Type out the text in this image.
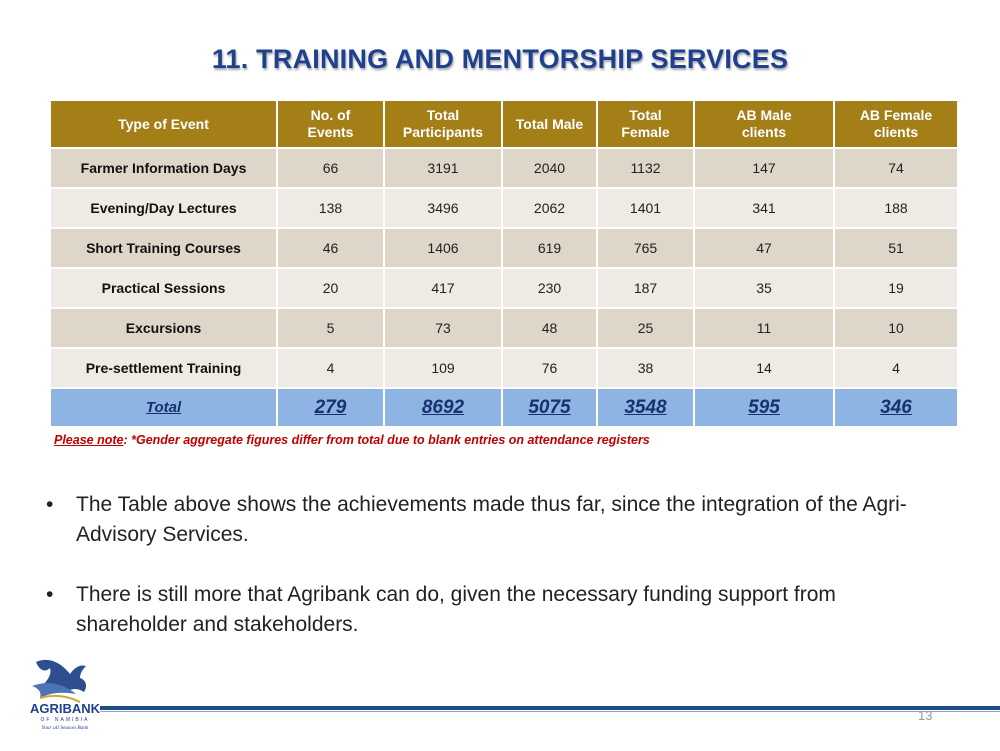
11. TRAINING AND MENTORSHIP SERVICES
Type of Event	No. of Events	Total Participants	Total Male	Total Female	AB Male clients	AB Female clients

Farmer Information Days	66	3191	2040	1132	147	74
Evening/Day Lectures	138	3496	2062	1401	341	188
Short Training Courses	46	1406	619	765	47	51
Practical Sessions	20	417	230	187	35	19
Excursions	5	73	48	25	11	10
Pre-settlement Training	4	109	76	38	14	4
Total	279	8692	5075	3548	595	346
Please note: *Gender aggregate figures differ from total due to blank entries on attendance registers
• The Table above shows the achievements made thus far, since the integration of the Agri-Advisory Services.
• There is still more that Agribank can do, given the necessary funding support from shareholder and stakeholders.
AGRIBANK
OF NAMIBIA
Your all Season Bank
13
